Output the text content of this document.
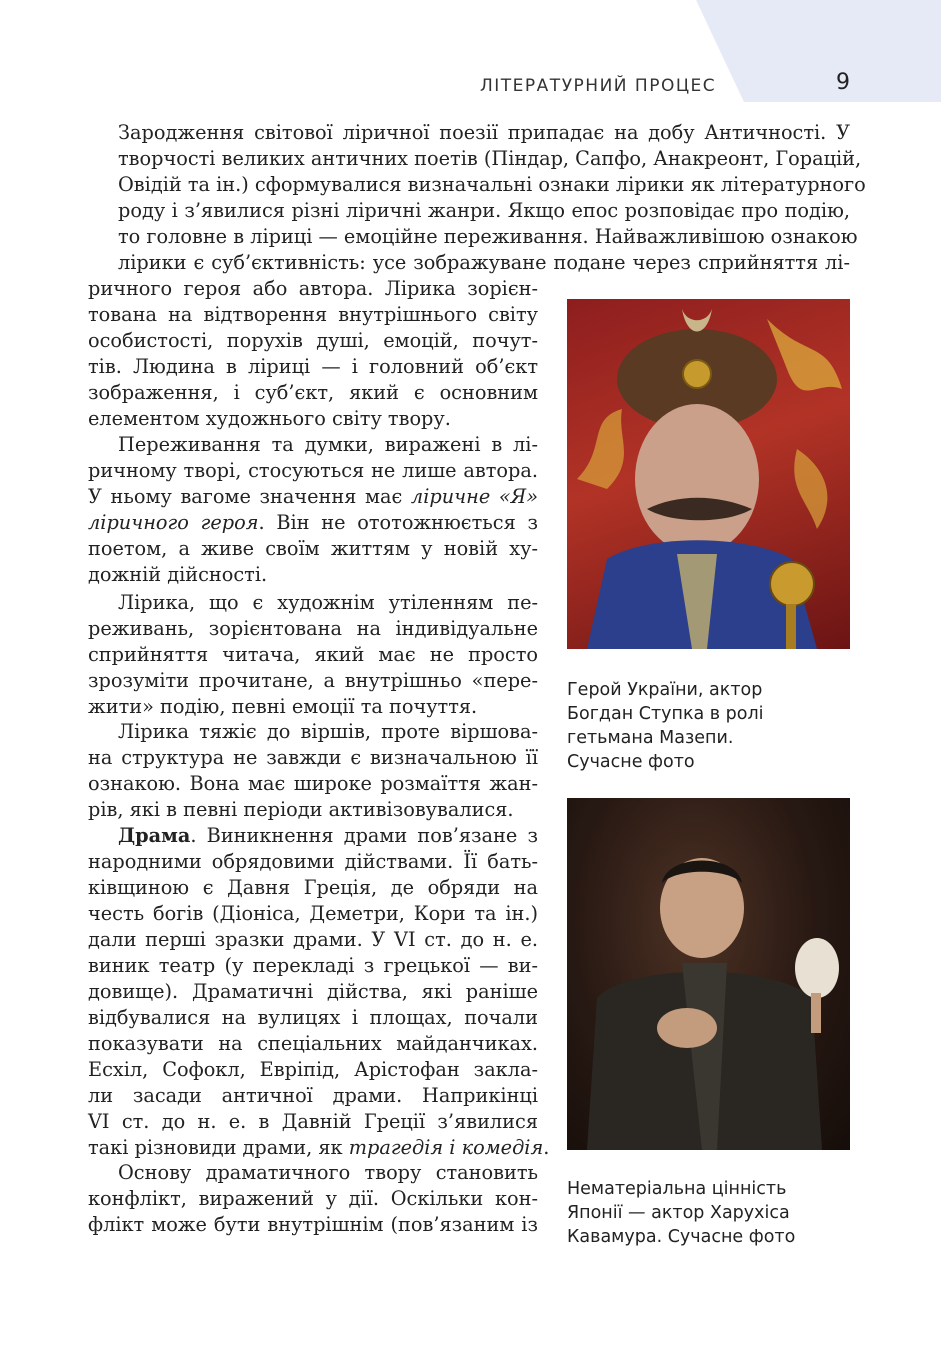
ЛІТЕРАТУРНИЙ ПРОЦЕС	9
Зародження світової ліричної поезії припадає на добу Античності. У
творчості великих античних поетів (Піндар, Сапфо, Анакреонт, Горацій,
Овідій та ін.) сформувалися визначальні ознаки лірики як літературного
роду і з’явилися різні ліричні жанри. Якщо епос розповідає про подію,
то головне в ліриці — емоційне переживання. Найважливішою ознакою
лірики є суб’єктивність: усе зображуване подане через сприйняття лі-
ричного героя або автора. Лірика зорієн-
тована на відтворення внутрішнього світу
особистості, порухів душі, емоцій, почут-
тів. Людина в ліриці — і головний об’єкт
зображення, і суб’єкт, який є основним
елементом художнього світу твору.
Переживання та думки, виражені в лі-
ричному творі, стосуються не лише автора.
У ньому вагоме значення має ліричне «Я»
ліричного героя. Він не ототожнюється з
поетом, а живе своїм життям у новій ху-
дожній дійсності.
Лірика, що є художнім утіленням пе-
реживань, зорієнтована на індивідуальне
сприйняття читача, який має не просто
зрозуміти прочитане, а внутрішньо «пере-
жити» подію, певні емоції та почуття.
Лірика тяжіє до віршів, проте віршова-
на структура не завжди є визначальною її
ознакою. Вона має широке розмаїття жан-
рів, які в певні періоди активізовувалися.
Драма. Виникнення драми пов’язане з
народними обрядовими дійствами. Її бать-
ківщиною є Давня Греція, де обряди на
честь богів (Діоніса, Деметри, Кори та ін.)
дали перші зразки драми. У VI ст. до н. е.
виник театр (у перекладі з грецької — ви-
довище). Драматичні дійства, які раніше
відбувалися на вулицях і площах, почали
показувати на спеціальних майданчиках.
Есхіл, Софокл, Евріпід, Арістофан закла-
ли засади античної драми. Наприкінці
VI ст. до н. е. в Давній Греції з’явилися
такі різновиди драми, як трагедія і комедія.
Основу драматичного твору становить
конфлікт, виражений у дії. Оскільки кон-
флікт може бути внутрішнім (пов’язаним із
Герой України, актор
Богдан Ступка в ролі
гетьмана Мазепи.
Сучасне фото
Нематеріальна цінність
Японії — актор Харухіса
Кавамура. Сучасне фото
